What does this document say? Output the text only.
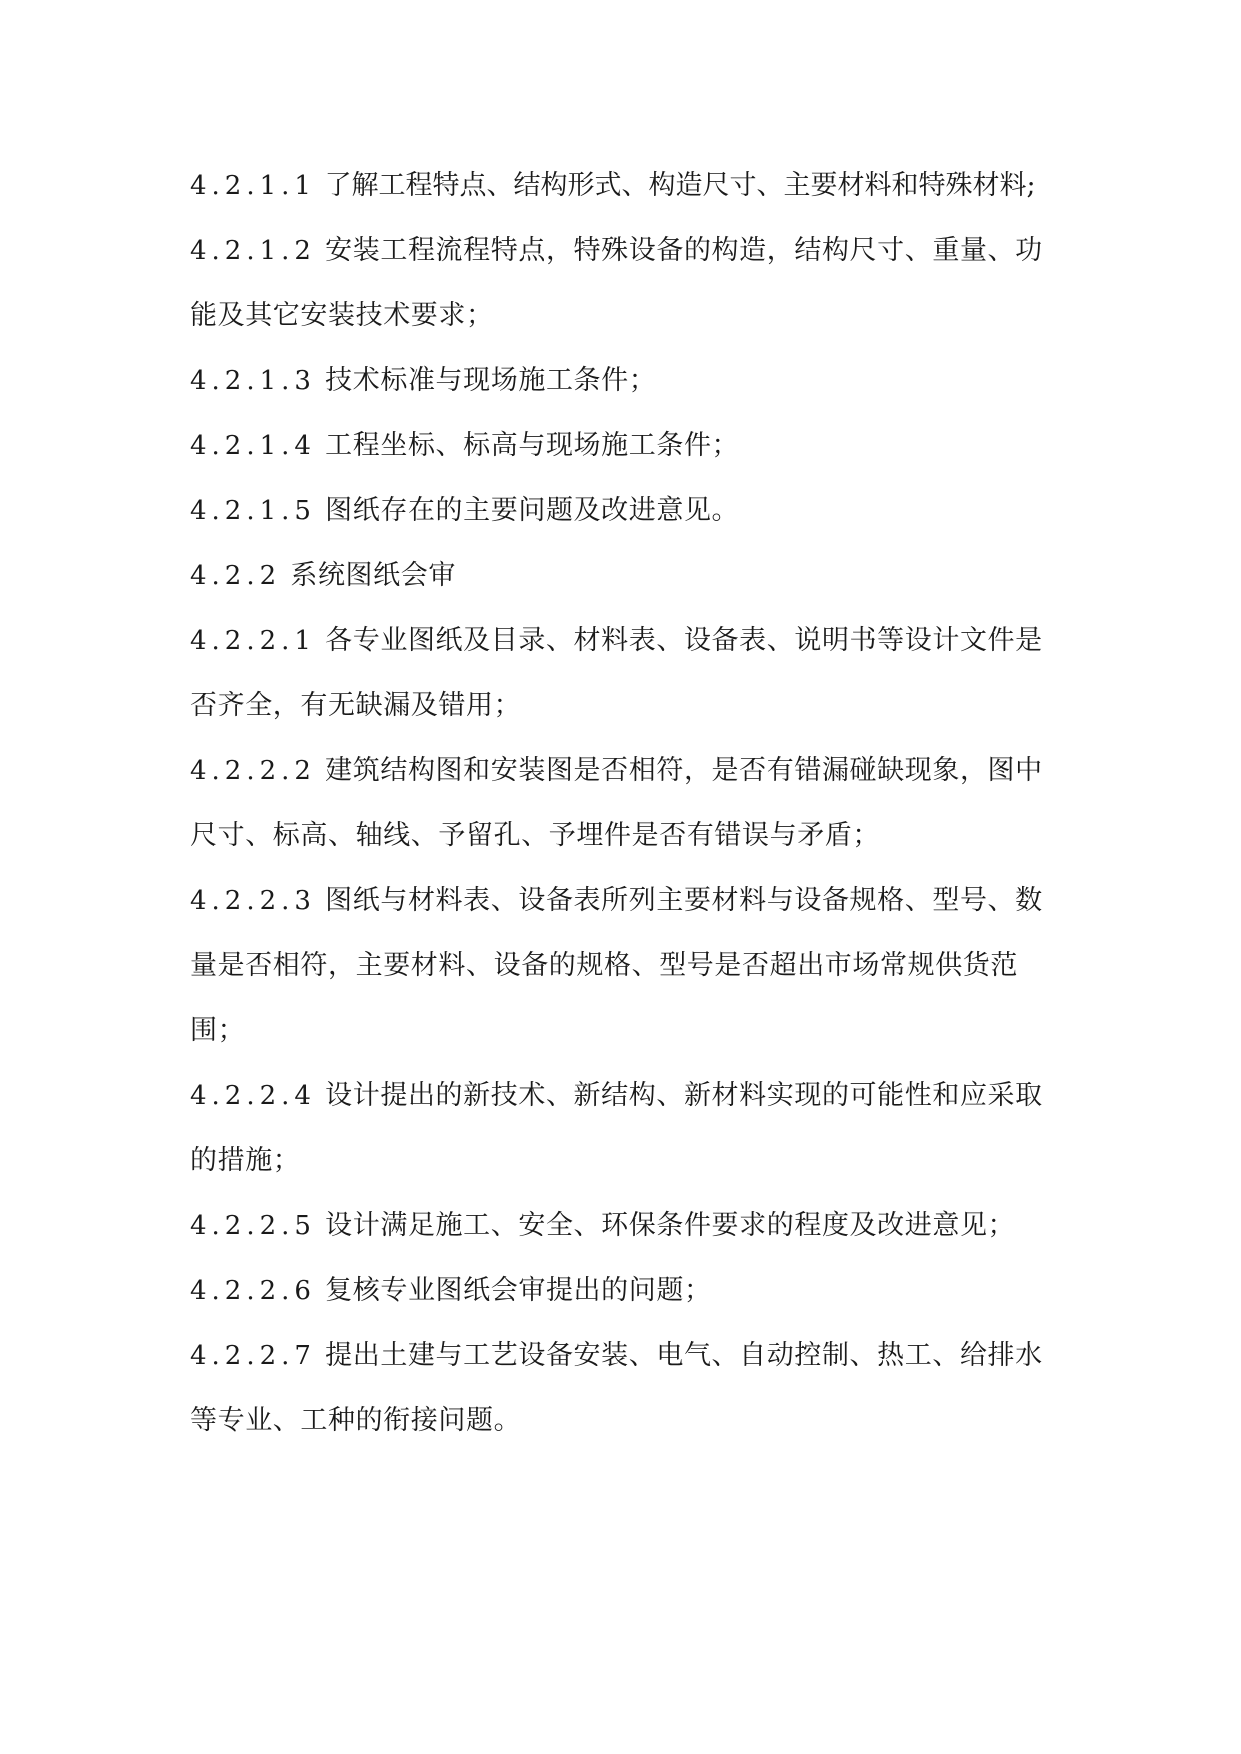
4.2.1.1 了解工程特点、结构形式、构造尺寸、主要材料和特殊材料;
4.2.1.2 安装工程流程特点，特殊设备的构造，结构尺寸、重量、功
能及其它安装技术要求；
4.2.1.3 技术标准与现场施工条件；
4.2.1.4 工程坐标、标高与现场施工条件；
4.2.1.5 图纸存在的主要问题及改进意见。
4.2.2 系统图纸会审
4.2.2.1 各专业图纸及目录、材料表、设备表、说明书等设计文件是
否齐全，有无缺漏及错用；
4.2.2.2 建筑结构图和安装图是否相符，是否有错漏碰缺现象，图中
尺寸、标高、轴线、予留孔、予埋件是否有错误与矛盾；
4.2.2.3 图纸与材料表、设备表所列主要材料与设备规格、型号、数
量是否相符，主要材料、设备的规格、型号是否超出市场常规供货范
围；
4.2.2.4 设计提出的新技术、新结构、新材料实现的可能性和应采取
的措施；
4.2.2.5 设计满足施工、安全、环保条件要求的程度及改进意见；
4.2.2.6 复核专业图纸会审提出的问题；
4.2.2.7 提出土建与工艺设备安装、电气、自动控制、热工、给排水
等专业、工种的衔接问题。
